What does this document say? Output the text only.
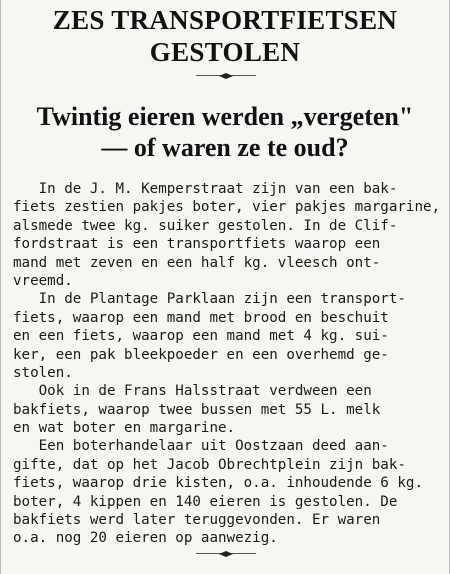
ZES TRANSPORTFIETSEN
GESTOLEN
Twintig eieren werden „vergeten"
— of waren ze te oud?
In de J. M. Kemperstraat zijn van een bak-
fiets zestien pakjes boter, vier pakjes margarine,
alsmede twee kg. suiker gestolen. In de Clif-
fordstraat is een transportfiets waarop een
mand met zeven en een half kg. vleesch ont-
vreemd.
In de Plantage Parklaan zijn een transport-
fiets, waarop een mand met brood en beschuit
en een fiets, waarop een mand met 4 kg. sui-
ker, een pak bleekpoeder en een overhemd ge-
stolen.
Ook in de Frans Halsstraat verdween een
bakfiets, waarop twee bussen met 55 L. melk
en wat boter en margarine.
Een boterhandelaar uit Oostzaan deed aan-
gifte, dat op het Jacob Obrechtplein zijn bak-
fiets, waarop drie kisten, o.a. inhoudende 6 kg.
boter, 4 kippen en 140 eieren is gestolen. De
bakfiets werd later teruggevonden. Er waren
o.a. nog 20 eieren op aanwezig.
